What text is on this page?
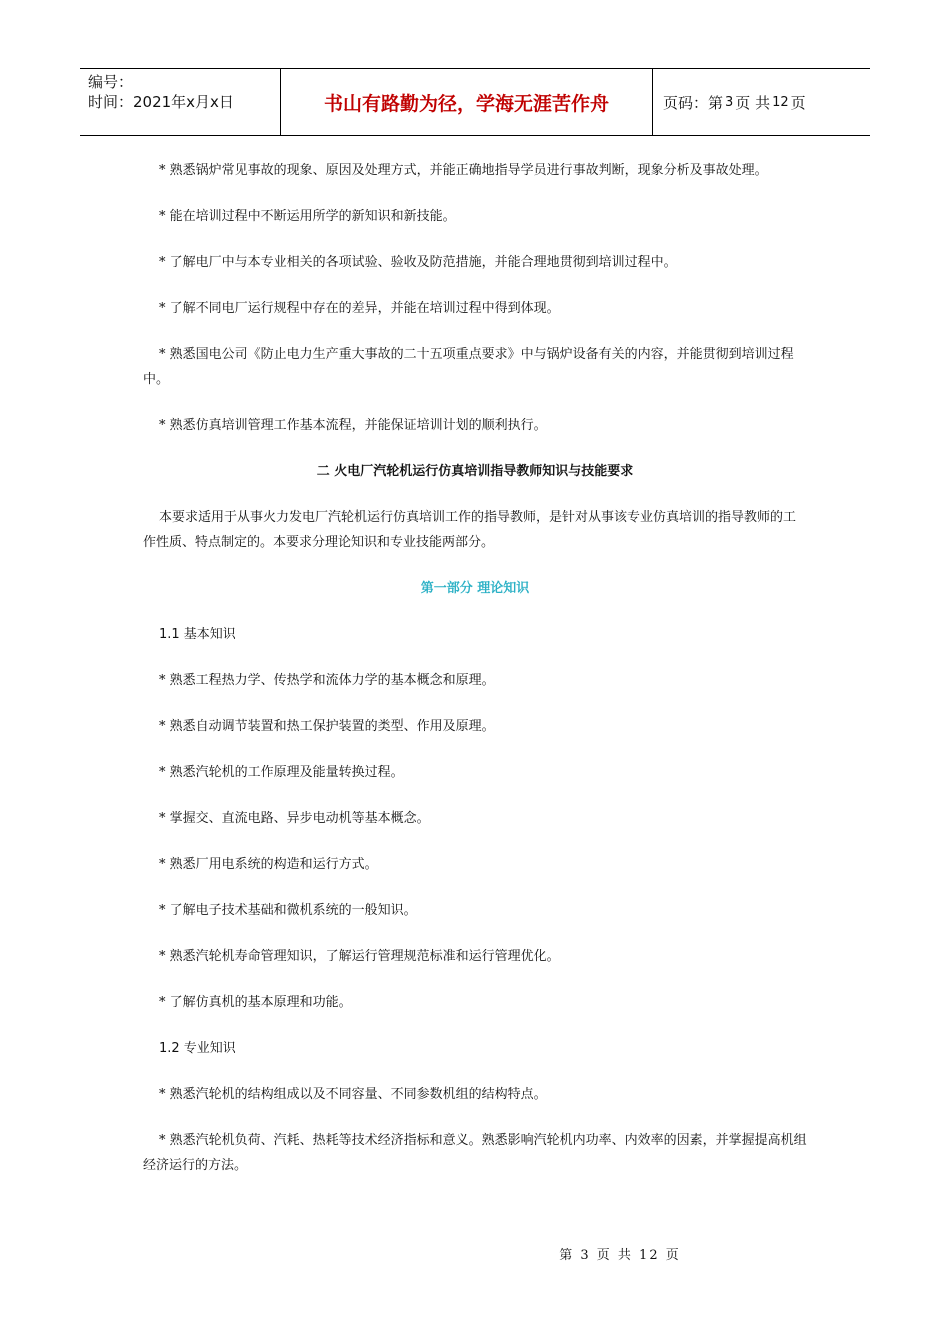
编号：
时间：2021年x月x日	书山有路勤为径，学海无涯苦作舟	页码：第 3 页 共 12 页

* 熟悉锅炉常见事故的现象、原因及处理方式，并能正确地指导学员进行事故判断，现象分析及事故处理。

* 能在培训过程中不断运用所学的新知识和新技能。

* 了解电厂中与本专业相关的各项试验、验收及防范措施，并能合理地贯彻到培训过程中。

* 了解不同电厂运行规程中存在的差异，并能在培训过程中得到体现。

* 熟悉国电公司《防止电力生产重大事故的二十五项重点要求》中与锅炉设备有关的内容，并能贯彻到培训过程中。

* 熟悉仿真培训管理工作基本流程，并能保证培训计划的顺利执行。

二 火电厂汽轮机运行仿真培训指导教师知识与技能要求

本要求适用于从事火力发电厂汽轮机运行仿真培训工作的指导教师，是针对从事该专业仿真培训的指导教师的工作性质、特点制定的。本要求分理论知识和专业技能两部分。

第一部分 理论知识

1.1 基本知识

* 熟悉工程热力学、传热学和流体力学的基本概念和原理。

* 熟悉自动调节装置和热工保护装置的类型、作用及原理。

* 熟悉汽轮机的工作原理及能量转换过程。

* 掌握交、直流电路、异步电动机等基本概念。

* 熟悉厂用电系统的构造和运行方式。

* 了解电子技术基础和微机系统的一般知识。

* 熟悉汽轮机寿命管理知识，了解运行管理规范标准和运行管理优化。

* 了解仿真机的基本原理和功能。

1.2 专业知识

* 熟悉汽轮机的结构组成以及不同容量、不同参数机组的结构特点。

* 熟悉汽轮机负荷、汽耗、热耗等技术经济指标和意义。熟悉影响汽轮机内功率、内效率的因素，并掌握提高机组经济运行的方法。

第 3 页 共 12 页
